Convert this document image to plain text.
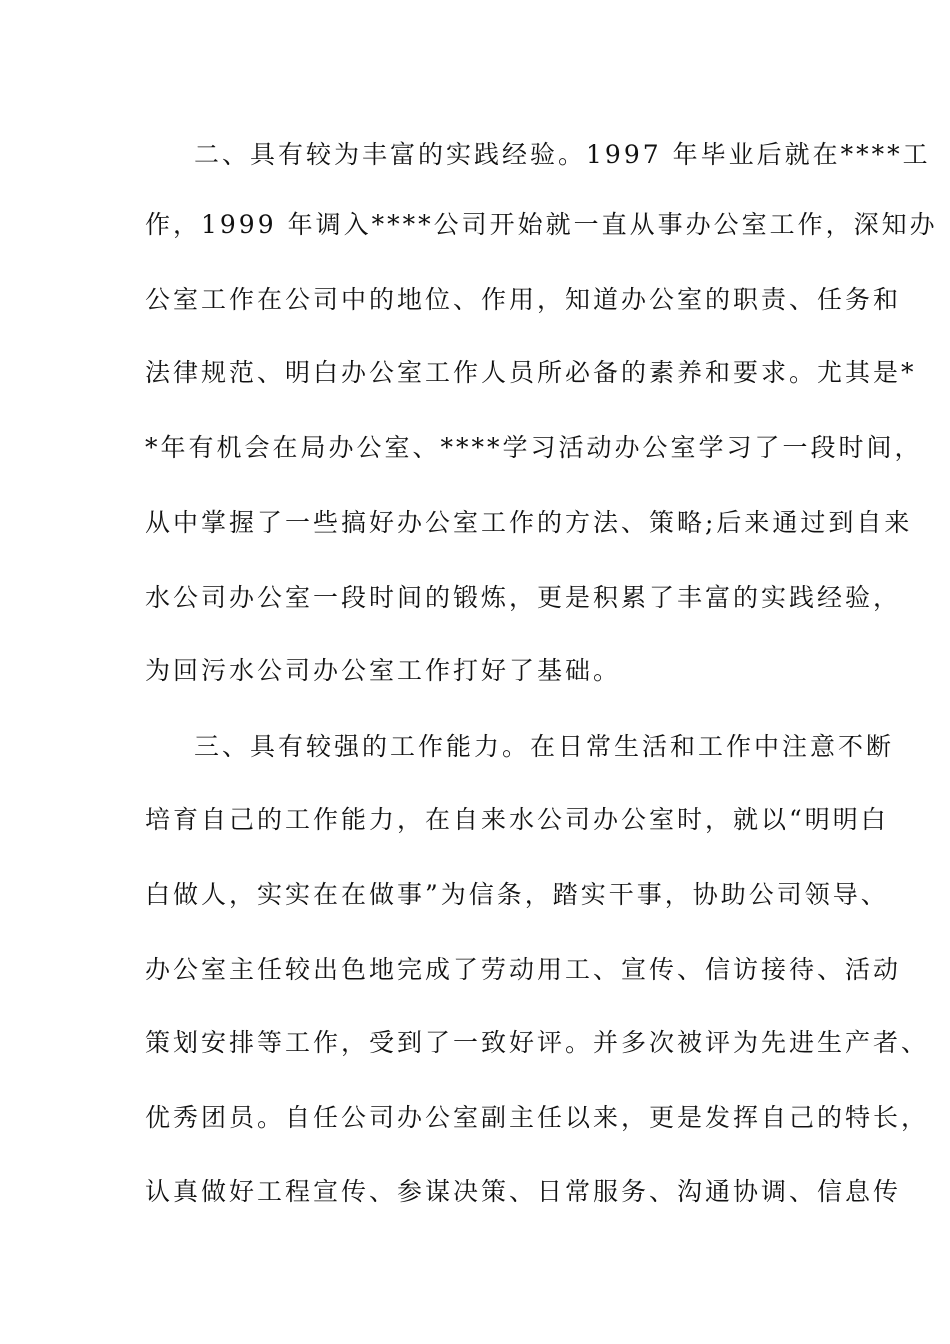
二、具有较为丰富的实践经验。1997 年毕业后就在****工
作，1999 年调入****公司开始就一直从事办公室工作，深知办
公室工作在公司中的地位、作用，知道办公室的职责、任务和
法律规范、明白办公室工作人员所必备的素养和要求。尤其是*
*年有机会在局办公室、****学习活动办公室学习了一段时间，
从中掌握了一些搞好办公室工作的方法、策略;后来通过到自来
水公司办公室一段时间的锻炼，更是积累了丰富的实践经验，
为回污水公司办公室工作打好了基础。
三、具有较强的工作能力。在日常生活和工作中注意不断
培育自己的工作能力，在自来水公司办公室时，就以“明明白
白做人，实实在在做事”为信条，踏实干事，协助公司领导、
办公室主任较出色地完成了劳动用工、宣传、信访接待、活动
策划安排等工作，受到了一致好评。并多次被评为先进生产者、
优秀团员。自任公司办公室副主任以来，更是发挥自己的特长，
认真做好工程宣传、参谋决策、日常服务、沟通协调、信息传
